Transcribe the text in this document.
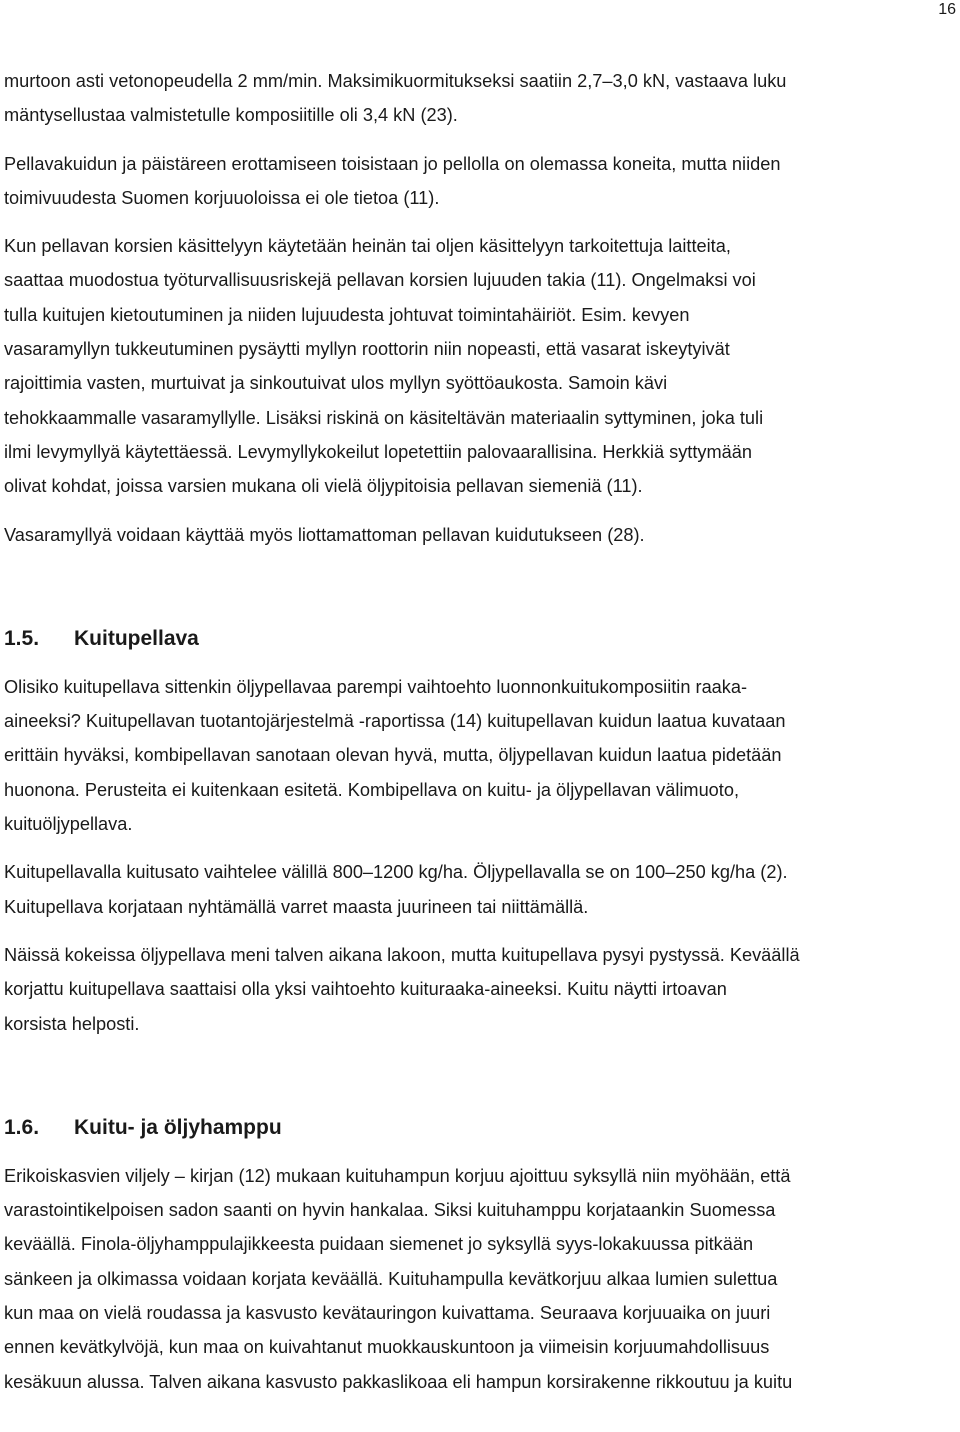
16

murtoon asti vetonopeudella 2 mm/min. Maksimikuormitukseksi saatiin 2,7–3,0 kN, vastaava luku
mäntysellustaa valmistetulle komposiitille oli 3,4 kN (23).

Pellavakuidun ja päistäreen erottamiseen toisistaan jo pellolla on olemassa koneita, mutta niiden
toimivuudesta Suomen korjuuoloissa ei ole tietoa (11).

Kun pellavan korsien käsittelyyn käytetään heinän tai oljen käsittelyyn tarkoitettuja laitteita,
saattaa muodostua työturvallisuusriskejä pellavan korsien lujuuden takia (11). Ongelmaksi voi
tulla kuitujen kietoutuminen ja niiden lujuudesta johtuvat toimintahäiriöt. Esim. kevyen
vasaramyllyn tukkeutuminen pysäytti myllyn roottorin niin nopeasti, että vasarat iskeytyivät
rajoittimia vasten, murtuivat ja sinkoutuivat ulos myllyn syöttöaukosta. Samoin kävi
tehokkaammalle vasaramyllylle. Lisäksi riskinä on käsiteltävän materiaalin syttyminen, joka tuli
ilmi levymyllyä käytettäessä. Levymyllykokeilut lopetettiin palovaarallisina. Herkkiä syttymään
olivat kohdat, joissa varsien mukana oli vielä öljypitoisia pellavan siemeniä (11).

Vasaramyllyä voidaan käyttää myös liottamattoman pellavan kuidutukseen (28).

1.5.	Kuitupellava

Olisiko kuitupellava sittenkin öljypellavaa parempi vaihtoehto luonnonkuitukomposiitin raaka-
aineeksi? Kuitupellavan tuotantojärjestelmä -raportissa (14) kuitupellavan kuidun laatua kuvataan
erittäin hyväksi, kombipellavan sanotaan olevan hyvä, mutta, öljypellavan kuidun laatua pidetään
huonona. Perusteita ei kuitenkaan esitetä. Kombipellava on kuitu- ja öljypellavan välimuoto,
kuituöljypellava.

Kuitupellavalla kuitusato vaihtelee välillä 800–1200 kg/ha. Öljypellavalla se on 100–250 kg/ha (2).
Kuitupellava korjataan nyhtämällä varret maasta juurineen tai niittämällä.

Näissä kokeissa öljypellava meni talven aikana lakoon, mutta kuitupellava pysyi pystyssä. Keväällä
korjattu kuitupellava saattaisi olla yksi vaihtoehto kuituraaka-aineeksi. Kuitu näytti irtoavan
korsista helposti.

1.6.	Kuitu- ja öljyhamppu

Erikoiskasvien viljely – kirjan (12) mukaan kuituhampun korjuu ajoittuu syksyllä niin myöhään, että
varastointikelpoisen sadon saanti on hyvin hankalaa. Siksi kuituhamppu korjataankin Suomessa
keväällä. Finola-öljyhamppulajikkeesta puidaan siemenet jo syksyllä syys-lokakuussa pitkään
sänkeen ja olkimassa voidaan korjata keväällä. Kuituhampulla kevätkorjuu alkaa lumien sulettua
kun maa on vielä roudassa ja kasvusto kevätauringon kuivattama. Seuraava korjuuaika on juuri
ennen kevätkylvöjä, kun maa on kuivahtanut muokkauskuntoon ja viimeisin korjuumahdollisuus
kesäkuun alussa. Talven aikana kasvusto pakkaslikoaa eli hampun korsirakenne rikkoutuu ja kuitu
